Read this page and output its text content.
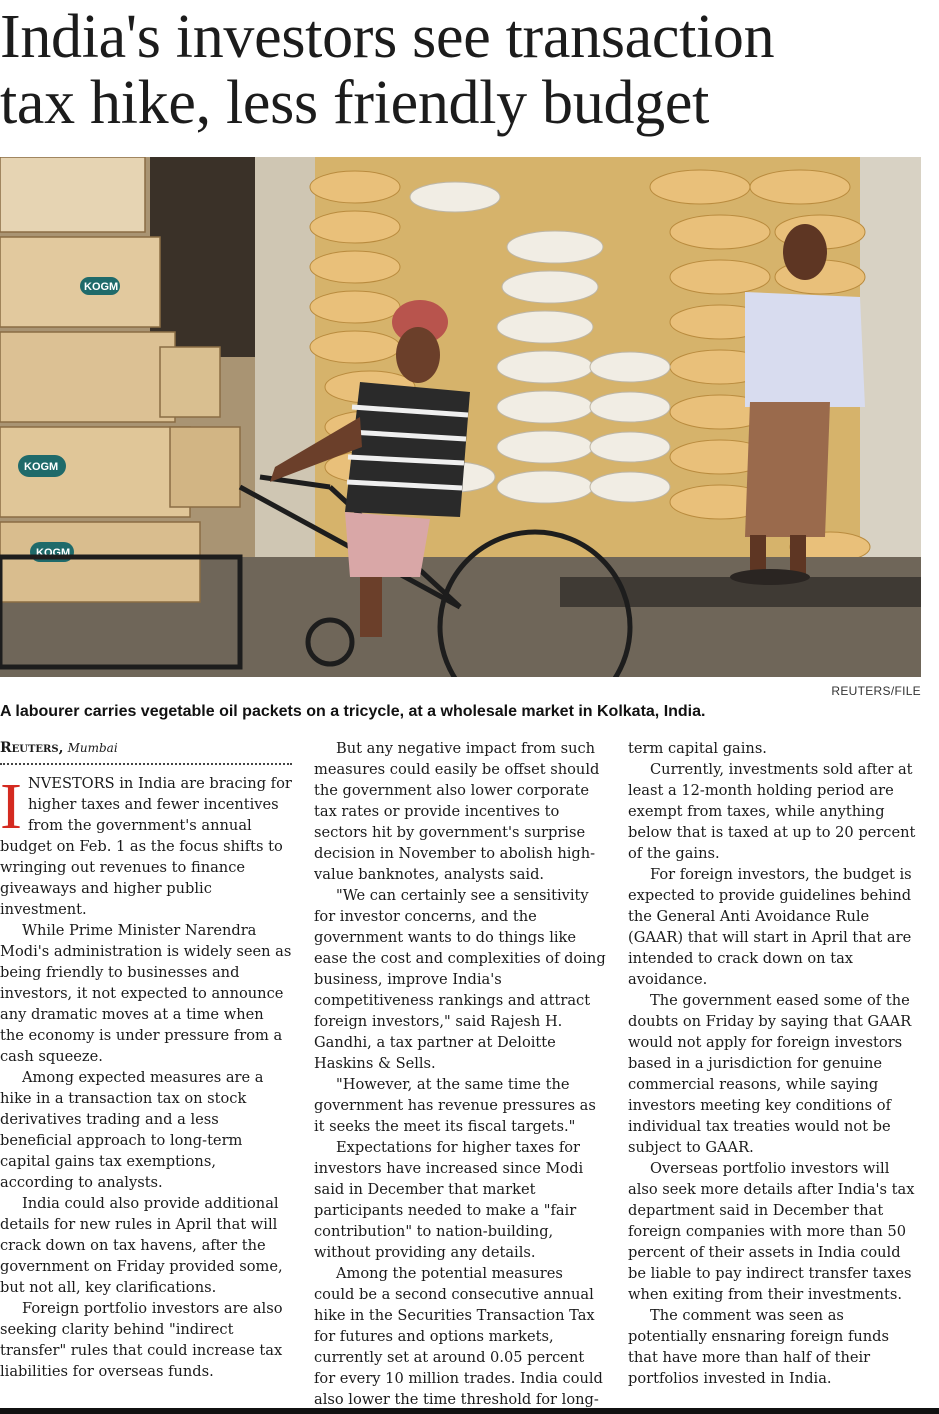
India's investors see transaction
tax hike, less friendly budget
KOGM
KOGM
KOGM
REUTERS/FILE
A labourer carries vegetable oil packets on a tricycle, at a wholesale market in Kolkata, India.
Reuters, Mumbai

INVESTORS in India are bracing for higher taxes and fewer incentives from the government's annual budget on Feb. 1 as the focus shifts to wringing out revenues to finance giveaways and higher public investment.

While Prime Minister Narendra Modi's administration is widely seen as being friendly to businesses and investors, it not expected to announce any dramatic moves at a time when the economy is under pressure from a cash squeeze.

Among expected measures are a hike in a transaction tax on stock derivatives trading and a less beneficial approach to long-term capital gains tax exemptions, according to analysts.

India could also provide additional details for new rules in April that will crack down on tax havens, after the government on Friday provided some, but not all, key clarifications.

Foreign portfolio investors are also seeking clarity behind "indirect transfer" rules that could increase tax liabilities for overseas funds.

But any negative impact from such measures could easily be offset should the government also lower corporate tax rates or provide incentives to sectors hit by government's surprise decision in November to abolish high-value banknotes, analysts said.

"We can certainly see a sensitivity for investor concerns, and the government wants to do things like ease the cost and complexities of doing business, improve India's competitiveness rankings and attract foreign investors," said Rajesh H. Gandhi, a tax partner at Deloitte Haskins & Sells.

"However, at the same time the government has revenue pressures as it seeks the meet its fiscal targets."

Expectations for higher taxes for investors have increased since Modi said in December that market participants needed to make a "fair contribution" to nation-building, without providing any details.

Among the potential measures could be a second consecutive annual hike in the Securities Transaction Tax for futures and options markets, currently set at around 0.05 percent for every 10 million trades. India could also lower the time threshold for long-

term capital gains.

Currently, investments sold after at least a 12-month holding period are exempt from taxes, while anything below that is taxed at up to 20 percent of the gains.

For foreign investors, the budget is expected to provide guidelines behind the General Anti Avoidance Rule (GAAR) that will start in April that are intended to crack down on tax avoidance.

The government eased some of the doubts on Friday by saying that GAAR would not apply for foreign investors based in a jurisdiction for genuine commercial reasons, while saying investors meeting key conditions of individual tax treaties would not be subject to GAAR.

Overseas portfolio investors will also seek more details after India's tax department said in December that foreign companies with more than 50 percent of their assets in India could be liable to pay indirect transfer taxes when exiting from their investments.

The comment was seen as potentially ensnaring foreign funds that have more than half of their portfolios invested in India.
